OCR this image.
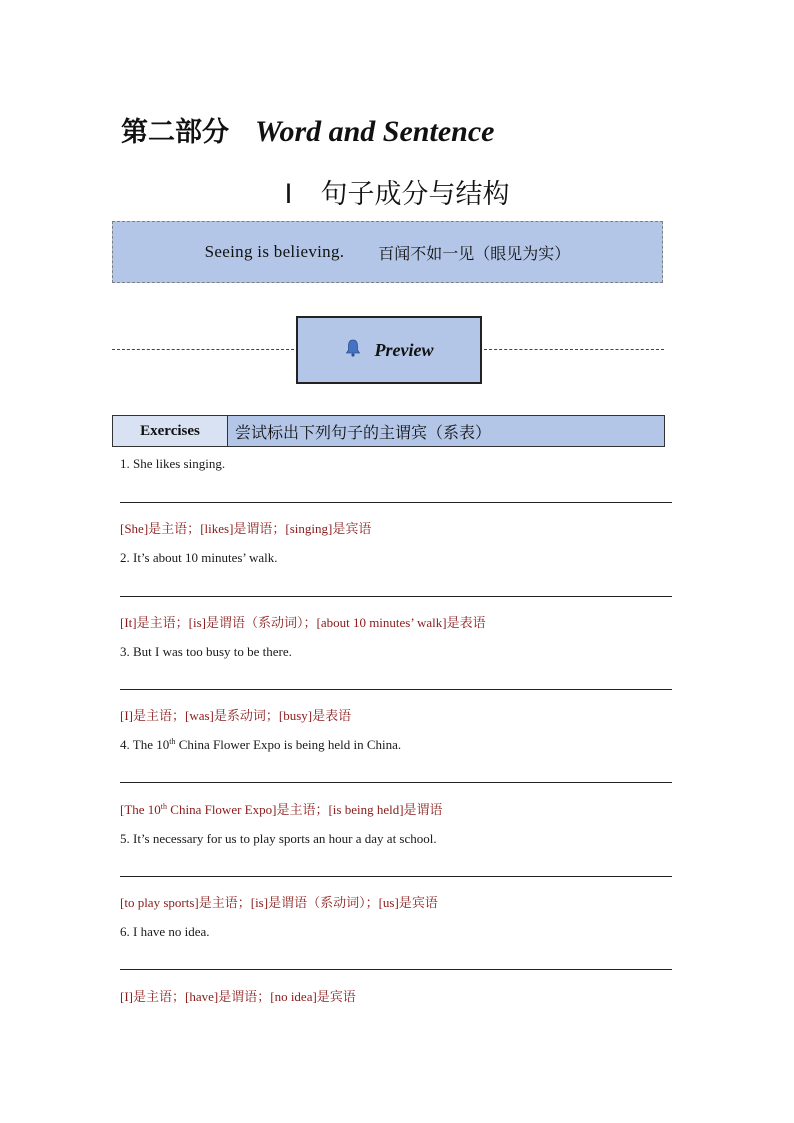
第二部分 Word and Sentence
Ⅰ 句子成分与结构
Seeing is believing. 百闻不如一见（眼见为实）
Preview
Exercises	尝试标出下列句子的主谓宾（系表）
1. She likes singing.
[She]是主语；[likes]是谓语；[singing]是宾语
2. It’s about 10 minutes’ walk.
[It]是主语；[is]是谓语（系动词）；[about 10 minutes’ walk]是表语
3. But I was too busy to be there.
[I]是主语；[was]是系动词；[busy]是表语
4. The 10th China Flower Expo is being held in China.
[The 10th China Flower Expo]是主语；[is being held]是谓语
5. It’s necessary for us to play sports an hour a day at school.
[to play sports]是主语；[is]是谓语（系动词）；[us]是宾语
6. I have no idea.
[I]是主语；[have]是谓语；[no idea]是宾语
